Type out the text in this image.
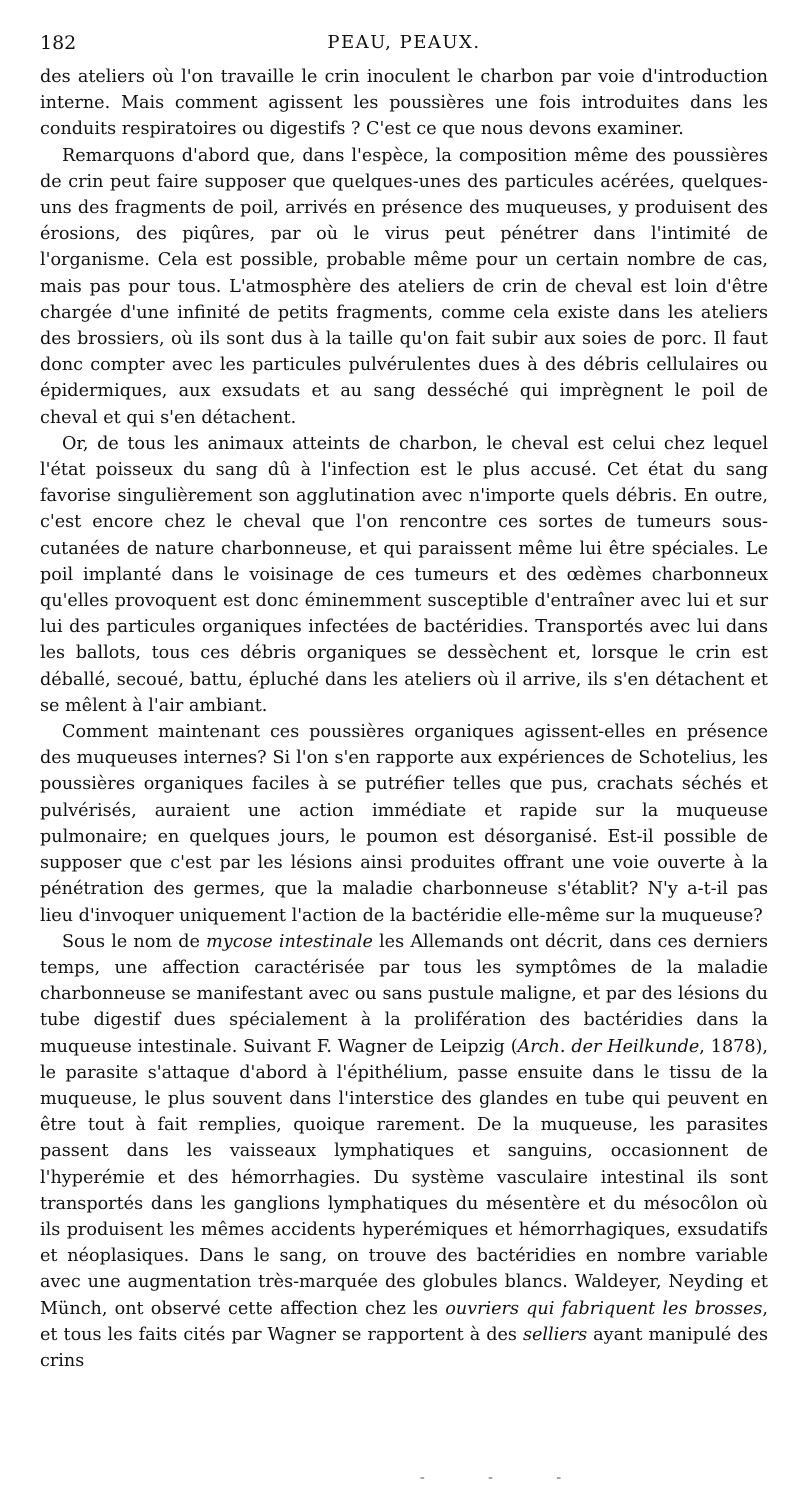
182	PEAU, PEAUX.

des ateliers où l'on travaille le crin inoculent le charbon par voie d'introduction interne. Mais comment agissent les poussières une fois introduites dans les conduits respiratoires ou digestifs ? C'est ce que nous devons examiner.

Remarquons d'abord que, dans l'espèce, la composition même des poussières de crin peut faire supposer que quelques-unes des particules acérées, quelques-uns des fragments de poil, arrivés en présence des muqueuses, y produisent des érosions, des piqûres, par où le virus peut pénétrer dans l'intimité de l'organisme. Cela est possible, probable même pour un certain nombre de cas, mais pas pour tous. L'atmosphère des ateliers de crin de cheval est loin d'être chargée d'une infinité de petits fragments, comme cela existe dans les ateliers des brossiers, où ils sont dus à la taille qu'on fait subir aux soies de porc. Il faut donc compter avec les particules pulvérulentes dues à des débris cellulaires ou épidermiques, aux exsudats et au sang desséché qui imprègnent le poil de cheval et qui s'en détachent.

Or, de tous les animaux atteints de charbon, le cheval est celui chez lequel l'état poisseux du sang dû à l'infection est le plus accusé. Cet état du sang favorise singulièrement son agglutination avec n'importe quels débris. En outre, c'est encore chez le cheval que l'on rencontre ces sortes de tumeurs sous-cutanées de nature charbonneuse, et qui paraissent même lui être spéciales. Le poil implanté dans le voisinage de ces tumeurs et des œdèmes charbonneux qu'elles provoquent est donc éminemment susceptible d'entraîner avec lui et sur lui des particules organiques infectées de bactéridies. Transportés avec lui dans les ballots, tous ces débris organiques se dessèchent et, lorsque le crin est déballé, secoué, battu, épluché dans les ateliers où il arrive, ils s'en détachent et se mêlent à l'air ambiant.

Comment maintenant ces poussières organiques agissent-elles en présence des muqueuses internes? Si l'on s'en rapporte aux expériences de Schotelius, les poussières organiques faciles à se putréfier telles que pus, crachats séchés et pulvérisés, auraient une action immédiate et rapide sur la muqueuse pulmonaire; en quelques jours, le poumon est désorganisé. Est-il possible de supposer que c'est par les lésions ainsi produites offrant une voie ouverte à la pénétration des germes, que la maladie charbonneuse s'établit? N'y a-t-il pas lieu d'invoquer uniquement l'action de la bactéridie elle-même sur la muqueuse?

Sous le nom de mycose intestinale les Allemands ont décrit, dans ces derniers temps, une affection caractérisée par tous les symptômes de la maladie charbonneuse se manifestant avec ou sans pustule maligne, et par des lésions du tube digestif dues spécialement à la prolifération des bactéridies dans la muqueuse intestinale. Suivant F. Wagner de Leipzig (Arch. der Heilkunde, 1878), le parasite s'attaque d'abord à l'épithélium, passe ensuite dans le tissu de la muqueuse, le plus souvent dans l'interstice des glandes en tube qui peuvent en être tout à fait remplies, quoique rarement. De la muqueuse, les parasites passent dans les vaisseaux lymphatiques et sanguins, occasionnent de l'hyperémie et des hémorrhagies. Du système vasculaire intestinal ils sont transportés dans les ganglions lymphatiques du mésentère et du mésocôlon où ils produisent les mêmes accidents hyperémiques et hémorrhagiques, exsudatifs et néoplasiques. Dans le sang, on trouve des bactéridies en nombre variable avec une augmentation très-marquée des globules blancs. Waldeyer, Neyding et Münch, ont observé cette affection chez les ouvriers qui fabriquent les brosses, et tous les faits cités par Wagner se rapportent à des selliers ayant manipulé des crins

- - -
